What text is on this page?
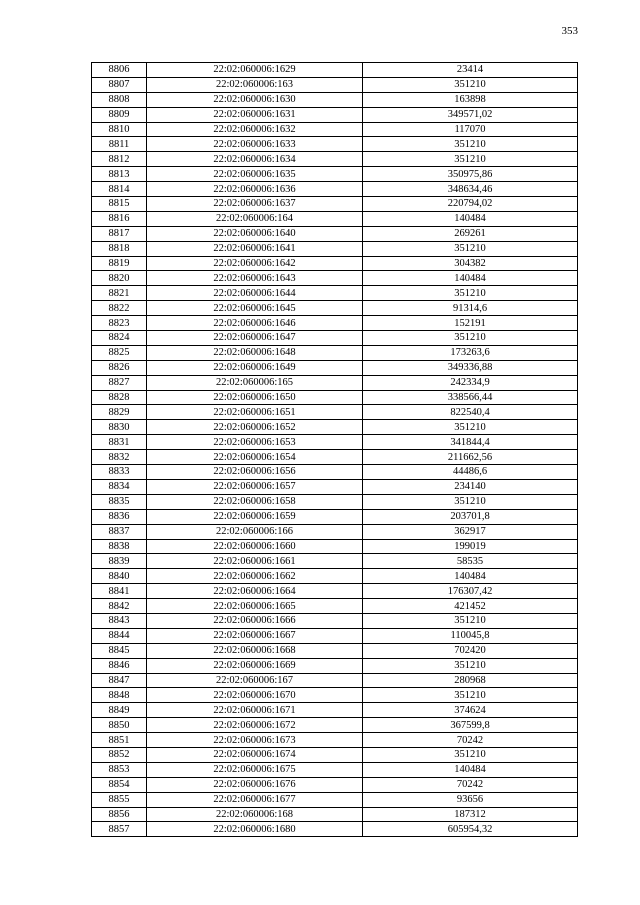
353
8806	22:02:060006:1629	23414
8807	22:02:060006:163	351210
8808	22:02:060006:1630	163898
8809	22:02:060006:1631	349571,02
8810	22:02:060006:1632	117070
8811	22:02:060006:1633	351210
8812	22:02:060006:1634	351210
8813	22:02:060006:1635	350975,86
8814	22:02:060006:1636	348634,46
8815	22:02:060006:1637	220794,02
8816	22:02:060006:164	140484
8817	22:02:060006:1640	269261
8818	22:02:060006:1641	351210
8819	22:02:060006:1642	304382
8820	22:02:060006:1643	140484
8821	22:02:060006:1644	351210
8822	22:02:060006:1645	91314,6
8823	22:02:060006:1646	152191
8824	22:02:060006:1647	351210
8825	22:02:060006:1648	173263,6
8826	22:02:060006:1649	349336,88
8827	22:02:060006:165	242334,9
8828	22:02:060006:1650	338566,44
8829	22:02:060006:1651	822540,4
8830	22:02:060006:1652	351210
8831	22:02:060006:1653	341844,4
8832	22:02:060006:1654	211662,56
8833	22:02:060006:1656	44486,6
8834	22:02:060006:1657	234140
8835	22:02:060006:1658	351210
8836	22:02:060006:1659	203701,8
8837	22:02:060006:166	362917
8838	22:02:060006:1660	199019
8839	22:02:060006:1661	58535
8840	22:02:060006:1662	140484
8841	22:02:060006:1664	176307,42
8842	22:02:060006:1665	421452
8843	22:02:060006:1666	351210
8844	22:02:060006:1667	110045,8
8845	22:02:060006:1668	702420
8846	22:02:060006:1669	351210
8847	22:02:060006:167	280968
8848	22:02:060006:1670	351210
8849	22:02:060006:1671	374624
8850	22:02:060006:1672	367599,8
8851	22:02:060006:1673	70242
8852	22:02:060006:1674	351210
8853	22:02:060006:1675	140484
8854	22:02:060006:1676	70242
8855	22:02:060006:1677	93656
8856	22:02:060006:168	187312
8857	22:02:060006:1680	605954,32
